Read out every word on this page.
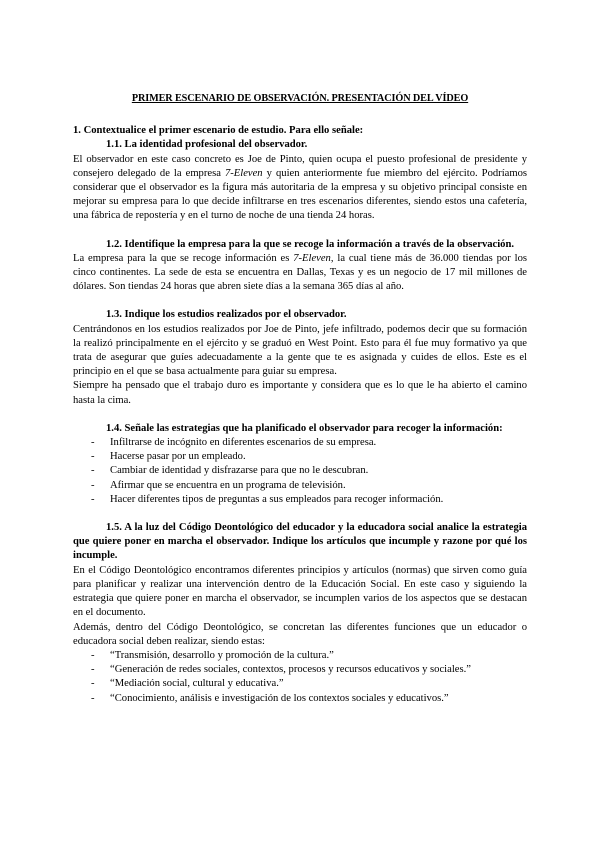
PRIMER ESCENARIO DE OBSERVACIÓN. PRESENTACIÓN DEL VÍDEO
1. Contextualice el primer escenario de estudio. Para ello señale:
1.1. La identidad profesional del observador.

El observador en este caso concreto es Joe de Pinto, quien ocupa el puesto profesional de presidente y consejero delegado de la empresa 7-Eleven y quien anteriormente fue miembro del ejército. Podríamos considerar que el observador es la figura más autoritaria de la empresa y su objetivo principal consiste en mejorar su empresa para lo que decide infiltrarse en tres escenarios diferentes, siendo estos una cafetería, una fábrica de repostería y en el turno de noche de una tienda 24 horas.

1.2. Identifique la empresa para la que se recoge la información a través de la observación.

La empresa para la que se recoge información es 7-Eleven, la cual tiene más de 36.000 tiendas por los cinco continentes. La sede de esta se encuentra en Dallas, Texas y es un negocio de 17 mil millones de dólares. Son tiendas 24 horas que abren siete días a la semana 365 días al año.

1.3. Indique los estudios realizados por el observador.

Centrándonos en los estudios realizados por Joe de Pinto, jefe infiltrado, podemos decir que su formación la realizó principalmente en el ejército y se graduó en West Point. Esto para él fue muy formativo ya que trata de asegurar que guíes adecuadamente a la gente que te es asignada y cuides de ellos. Este es el principio en el que se basa actualmente para guiar su empresa.

Siempre ha pensado que el trabajo duro es importante y considera que es lo que le ha abierto el camino hasta la cima.

1.4. Señale las estrategias que ha planificado el observador para recoger la información:
- Infiltrarse de incógnito en diferentes escenarios de su empresa.
- Hacerse pasar por un empleado.
- Cambiar de identidad y disfrazarse para que no le descubran.
- Afirmar que se encuentra en un programa de televisión.
- Hacer diferentes tipos de preguntas a sus empleados para recoger información.
1.5. A la luz del Código Deontológico del educador y la educadora social analice la estrategia que quiere poner en marcha el observador. Indique los artículos que incumple y razone por qué los incumple.

En el Código Deontológico encontramos diferentes principios y artículos (normas) que sirven como guía para planificar y realizar una intervención dentro de la Educación Social. En este caso y siguiendo la estrategia que quiere poner en marcha el observador, se incumplen varios de los aspectos que se destacan en el documento.

Además, dentro del Código Deontológico, se concretan las diferentes funciones que un educador o educadora social deben realizar, siendo estas:

- “Transmisión, desarrollo y promoción de la cultura.”
- “Generación de redes sociales, contextos, procesos y recursos educativos y sociales.”
- “Mediación social, cultural y educativa.”
- “Conocimiento, análisis e investigación de los contextos sociales y educativos.”
